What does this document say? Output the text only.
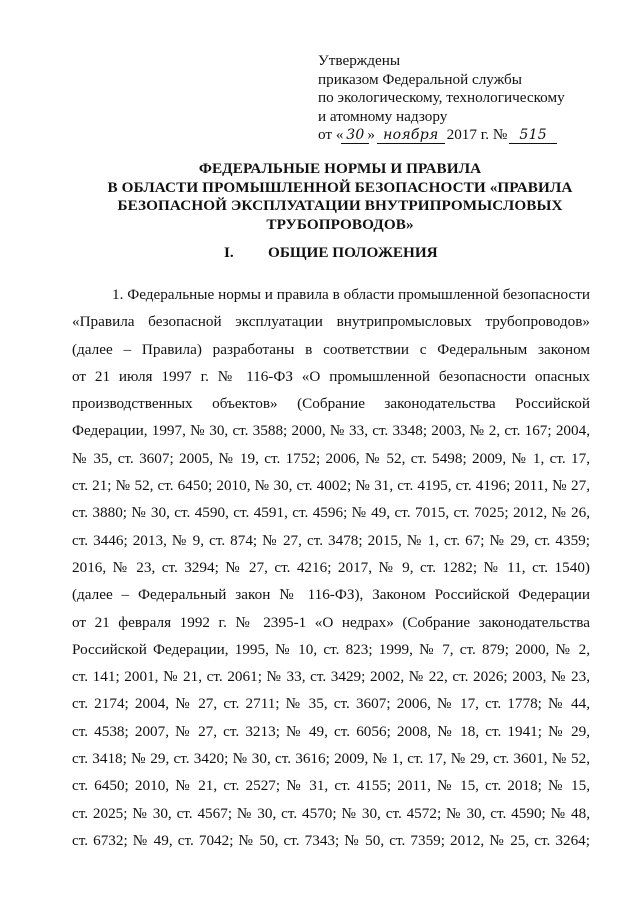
Утверждены
приказом Федеральной службы
по экологическому, технологическому
и атомному надзору
от « 30 » ноября 2017 г. № 515
ФЕДЕРАЛЬНЫЕ НОРМЫ И ПРАВИЛА
В ОБЛАСТИ ПРОМЫШЛЕННОЙ БЕЗОПАСНОСТИ «ПРАВИЛА
БЕЗОПАСНОЙ ЭКСПЛУАТАЦИИ ВНУТРИПРОМЫСЛОВЫХ
ТРУБОПРОВОДОВ»
I. ОБЩИЕ ПОЛОЖЕНИЯ
1. Федеральные нормы и правила в области промышленной безопасности
«Правила безопасной эксплуатации внутрипромысловых трубопроводов»
(далее – Правила) разработаны в соответствии с Федеральным законом
от 21 июля 1997 г. № 116-ФЗ «О промышленной безопасности опасных
производственных объектов» (Собрание законодательства Российской
Федерации, 1997, № 30, ст. 3588; 2000, № 33, ст. 3348; 2003, № 2, ст. 167; 2004,
№ 35, ст. 3607; 2005, № 19, ст. 1752; 2006, № 52, ст. 5498; 2009, № 1, ст. 17,
ст. 21; № 52, ст. 6450; 2010, № 30, ст. 4002; № 31, ст. 4195, ст. 4196; 2011, № 27,
ст. 3880; № 30, ст. 4590, ст. 4591, ст. 4596; № 49, ст. 7015, ст. 7025; 2012, № 26,
ст. 3446; 2013, № 9, ст. 874; № 27, ст. 3478; 2015, № 1, ст. 67; № 29, ст. 4359;
2016, № 23, ст. 3294; № 27, ст. 4216; 2017, № 9, ст. 1282; № 11, ст. 1540)
(далее – Федеральный закон № 116-ФЗ), Законом Российской Федерации
от 21 февраля 1992 г. № 2395-1 «О недрах» (Собрание законодательства
Российской Федерации, 1995, № 10, ст. 823; 1999, № 7, ст. 879; 2000, № 2,
ст. 141; 2001, № 21, ст. 2061; № 33, ст. 3429; 2002, № 22, ст. 2026; 2003, № 23,
ст. 2174; 2004, № 27, ст. 2711; № 35, ст. 3607; 2006, № 17, ст. 1778; № 44,
ст. 4538; 2007, № 27, ст. 3213; № 49, ст. 6056; 2008, № 18, ст. 1941; № 29,
ст. 3418; № 29, ст. 3420; № 30, ст. 3616; 2009, № 1, ст. 17, № 29, ст. 3601, № 52,
ст. 6450; 2010, № 21, ст. 2527; № 31, ст. 4155; 2011, № 15, ст. 2018; № 15,
ст. 2025; № 30, ст. 4567; № 30, ст. 4570; № 30, ст. 4572; № 30, ст. 4590; № 48,
ст. 6732; № 49, ст. 7042; № 50, ст. 7343; № 50, ст. 7359; 2012, № 25, ст. 3264;
